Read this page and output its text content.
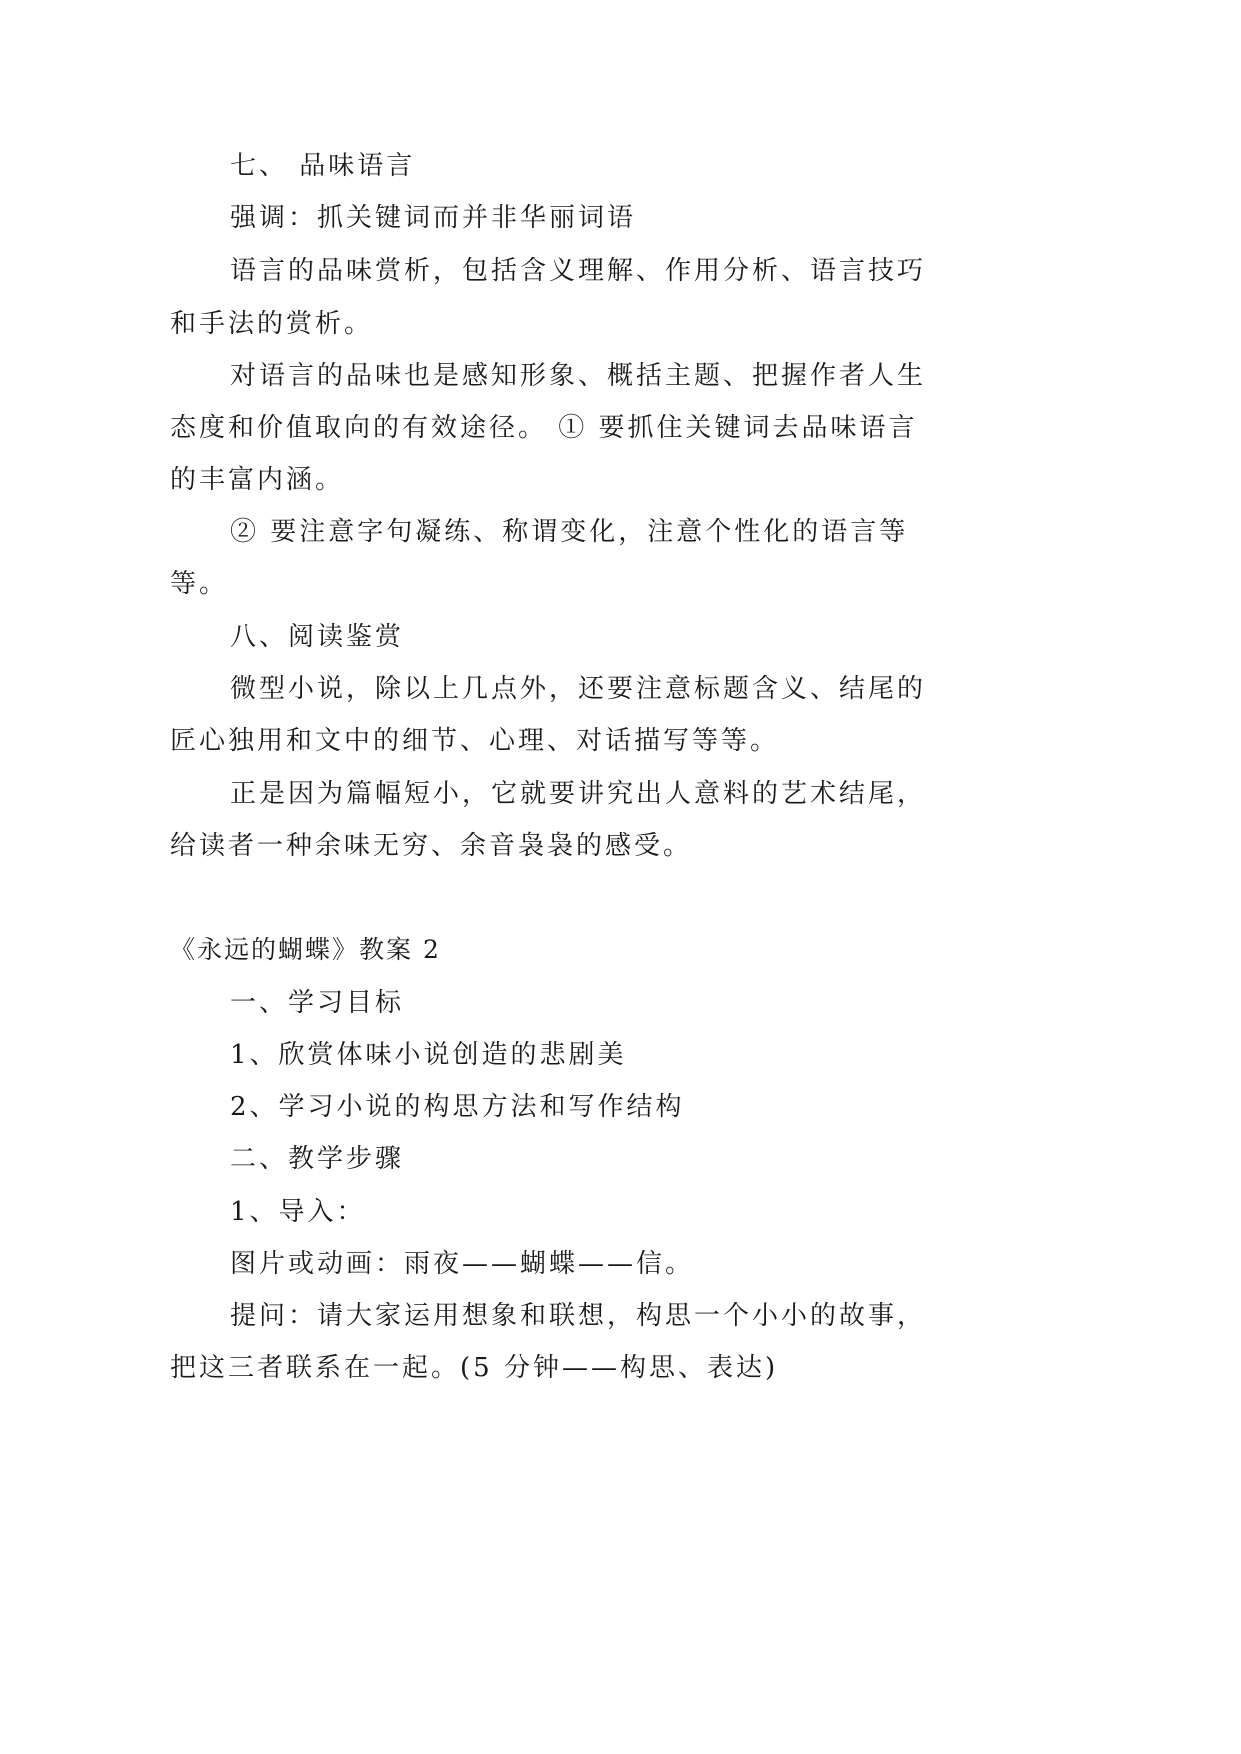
七、 品味语言
强调：抓关键词而并非华丽词语
语言的品味赏析，包括含义理解、作用分析、语言技巧
和手法的赏析。
对语言的品味也是感知形象、概括主题、把握作者人生
态度和价值取向的有效途径。 ① 要抓住关键词去品味语言
的丰富内涵。
② 要注意字句凝练、称谓变化，注意个性化的语言等
等。
八、阅读鉴赏
微型小说，除以上几点外，还要注意标题含义、结尾的
匠心独用和文中的细节、心理、对话描写等等。
正是因为篇幅短小，它就要讲究出人意料的艺术结尾，
给读者一种余味无穷、余音袅袅的感受。
《永远的蝴蝶》教案 2
一、学习目标
1、欣赏体味小说创造的悲剧美
2、学习小说的构思方法和写作结构
二、教学步骤
1、导入：
图片或动画：雨夜——蝴蝶——信。
提问：请大家运用想象和联想，构思一个小小的故事，
把这三者联系在一起。(5 分钟——构思、表达)
